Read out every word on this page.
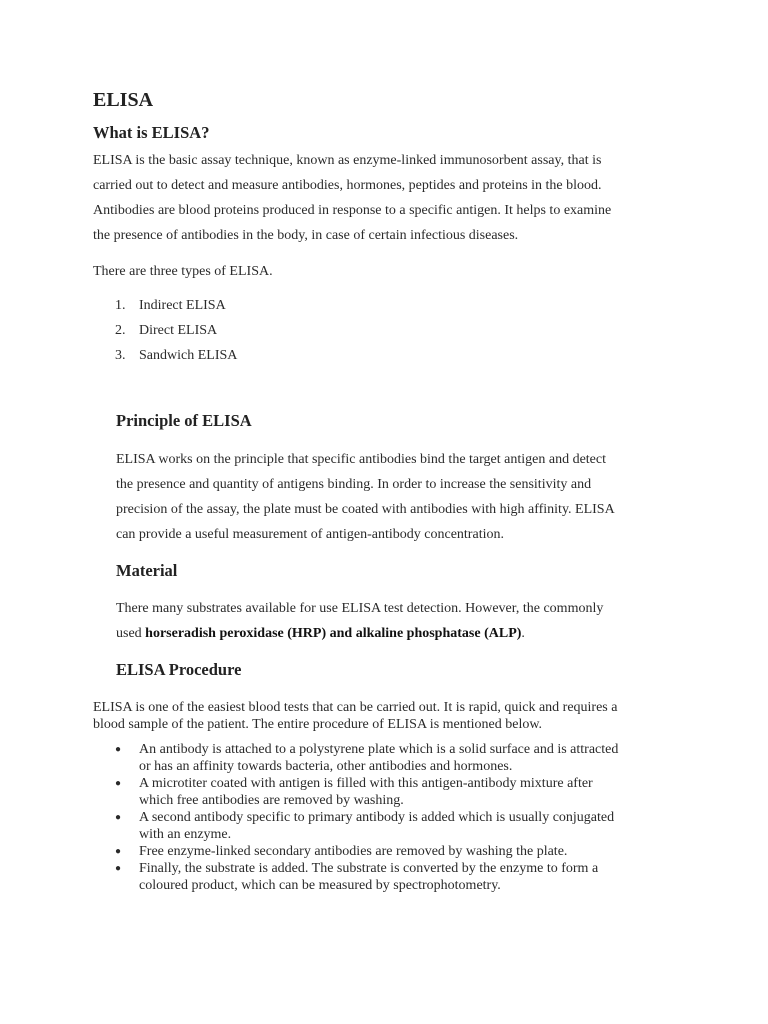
ELISA
What is ELISA?

ELISA is the basic assay technique, known as enzyme-linked immunosorbent assay, that is
carried out to detect and measure antibodies, hormones, peptides and proteins in the blood.
Antibodies are blood proteins produced in response to a specific antigen. It helps to examine
the presence of antibodies in the body, in case of certain infectious diseases.

There are three types of ELISA.

1. Indirect ELISA
2. Direct ELISA
3. Sandwich ELISA
Principle of ELISA

ELISA works on the principle that specific antibodies bind the target antigen and detect
the presence and quantity of antigens binding. In order to increase the sensitivity and
precision of the assay, the plate must be coated with antibodies with high affinity. ELISA
can provide a useful measurement of antigen-antibody concentration.

Material

There many substrates available for use ELISA test detection. However, the commonly
used horseradish peroxidase (HRP) and alkaline phosphatase (ALP).

ELISA Procedure

ELISA is one of the easiest blood tests that can be carried out. It is rapid, quick and requires a
blood sample of the patient. The entire procedure of ELISA is mentioned below.

● An antibody is attached to a polystyrene plate which is a solid surface and is attracted
or has an affinity towards bacteria, other antibodies and hormones.
● A microtiter coated with antigen is filled with this antigen-antibody mixture after
which free antibodies are removed by washing.
● A second antibody specific to primary antibody is added which is usually conjugated
with an enzyme.
● Free enzyme-linked secondary antibodies are removed by washing the plate.
● Finally, the substrate is added. The substrate is converted by the enzyme to form a
coloured product, which can be measured by spectrophotometry.
